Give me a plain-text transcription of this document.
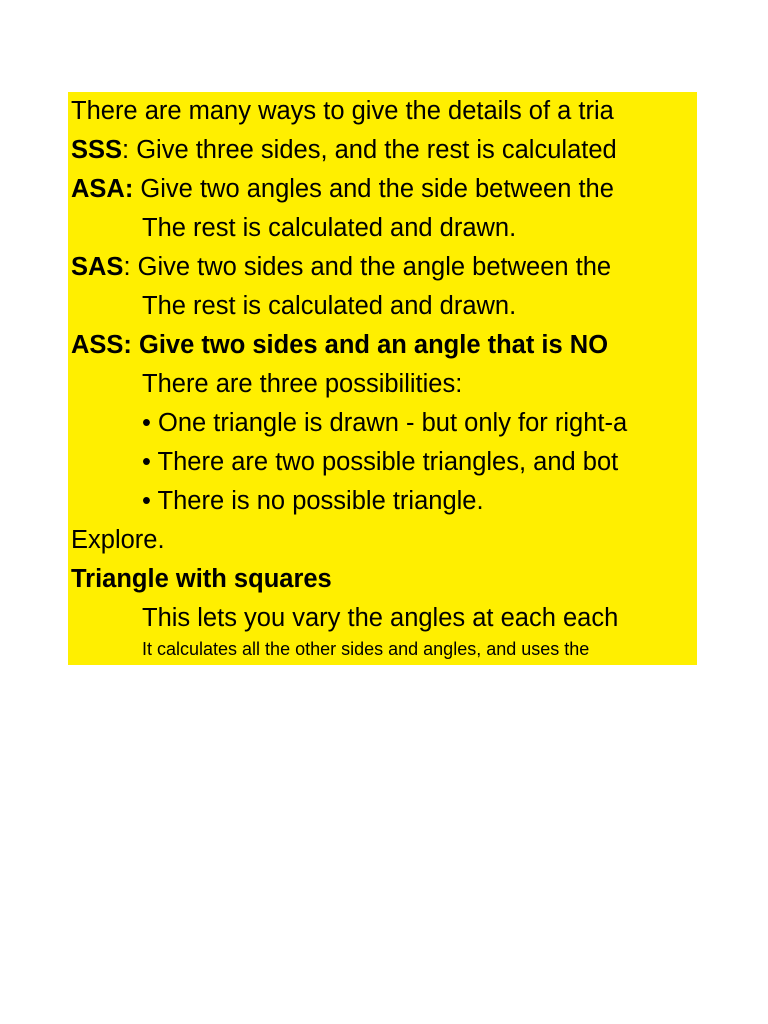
There are many ways to give the details of a tria
SSS: Give three sides, and the rest is calculated
ASA: Give two angles and the side between the
The rest is calculated and drawn.
SAS: Give two sides and the angle between the
The rest is calculated and drawn.
ASS: Give two sides and an angle that is NO
There are three possibilities:
• One triangle is drawn - but only for right-a
• There are two possible triangles, and bot
• There is no possible triangle.
Explore.
Triangle with squares
This lets you vary the angles at each each
It calculates all the other sides and angles, and uses the
